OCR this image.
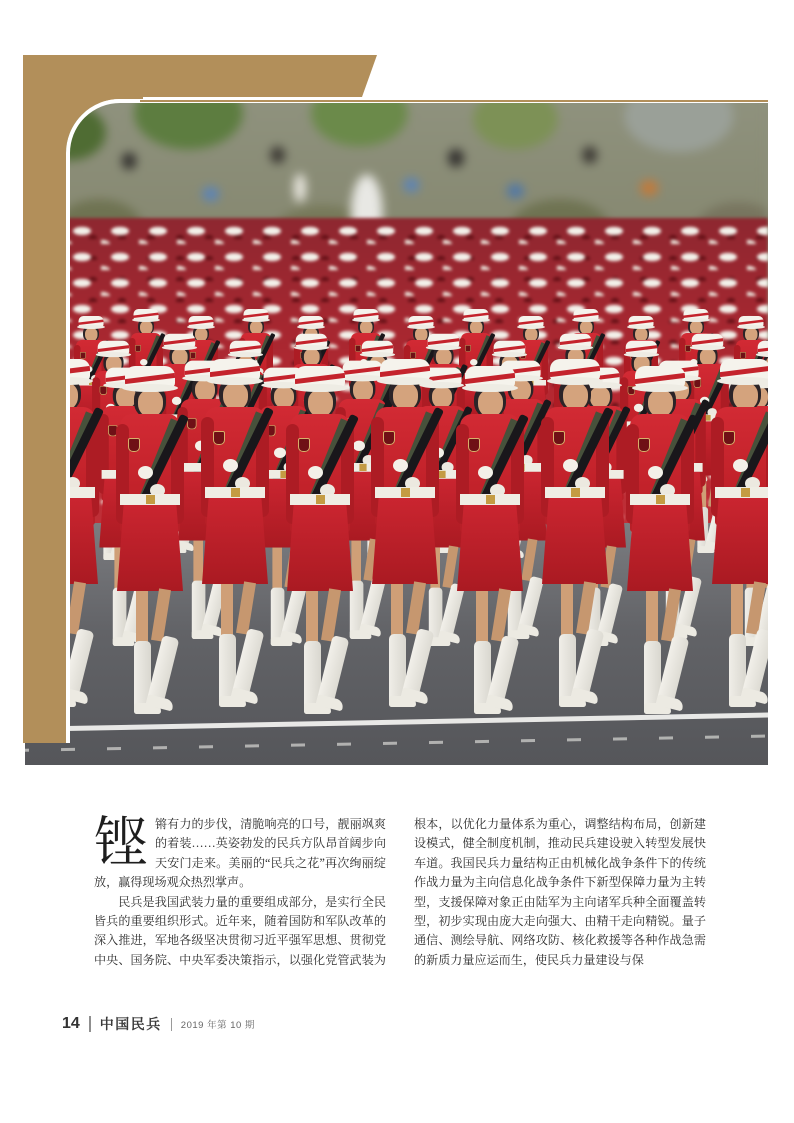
铿锵有力的步伐，清脆响亮的口号，靓丽飒爽的着装……英姿勃发的民兵方队昂首阔步向天安门走来。美丽的“民兵之花”再次绚丽绽放，赢得现场观众热烈掌声。

民兵是我国武装力量的重要组成部分，是实行全民皆兵的重要组织形式。近年来，随着国防和军队改革的深入推进，军地各级坚决贯彻习近平强军思想、贯彻党中央、国务院、中央军委决策指示，以强化党管武装为根本，以优化力量体系为重心，调整结构布局，创新建设模式，健全制度机制，推动民兵建设驶入转型发展快车道。我国民兵力量结构正由机械化战争条件下的传统作战力量为主向信息化战争条件下新型保障力量为主转型，支援保障对象正由陆军为主向诸军兵种全面覆盖转型，初步实现由庞大走向强大、由精干走向精锐。量子通信、测绘导航、网络攻防、核化救援等各种作战急需的新质力量应运而生，使民兵力量建设与保

14 中国民兵 2019 年第 10 期
